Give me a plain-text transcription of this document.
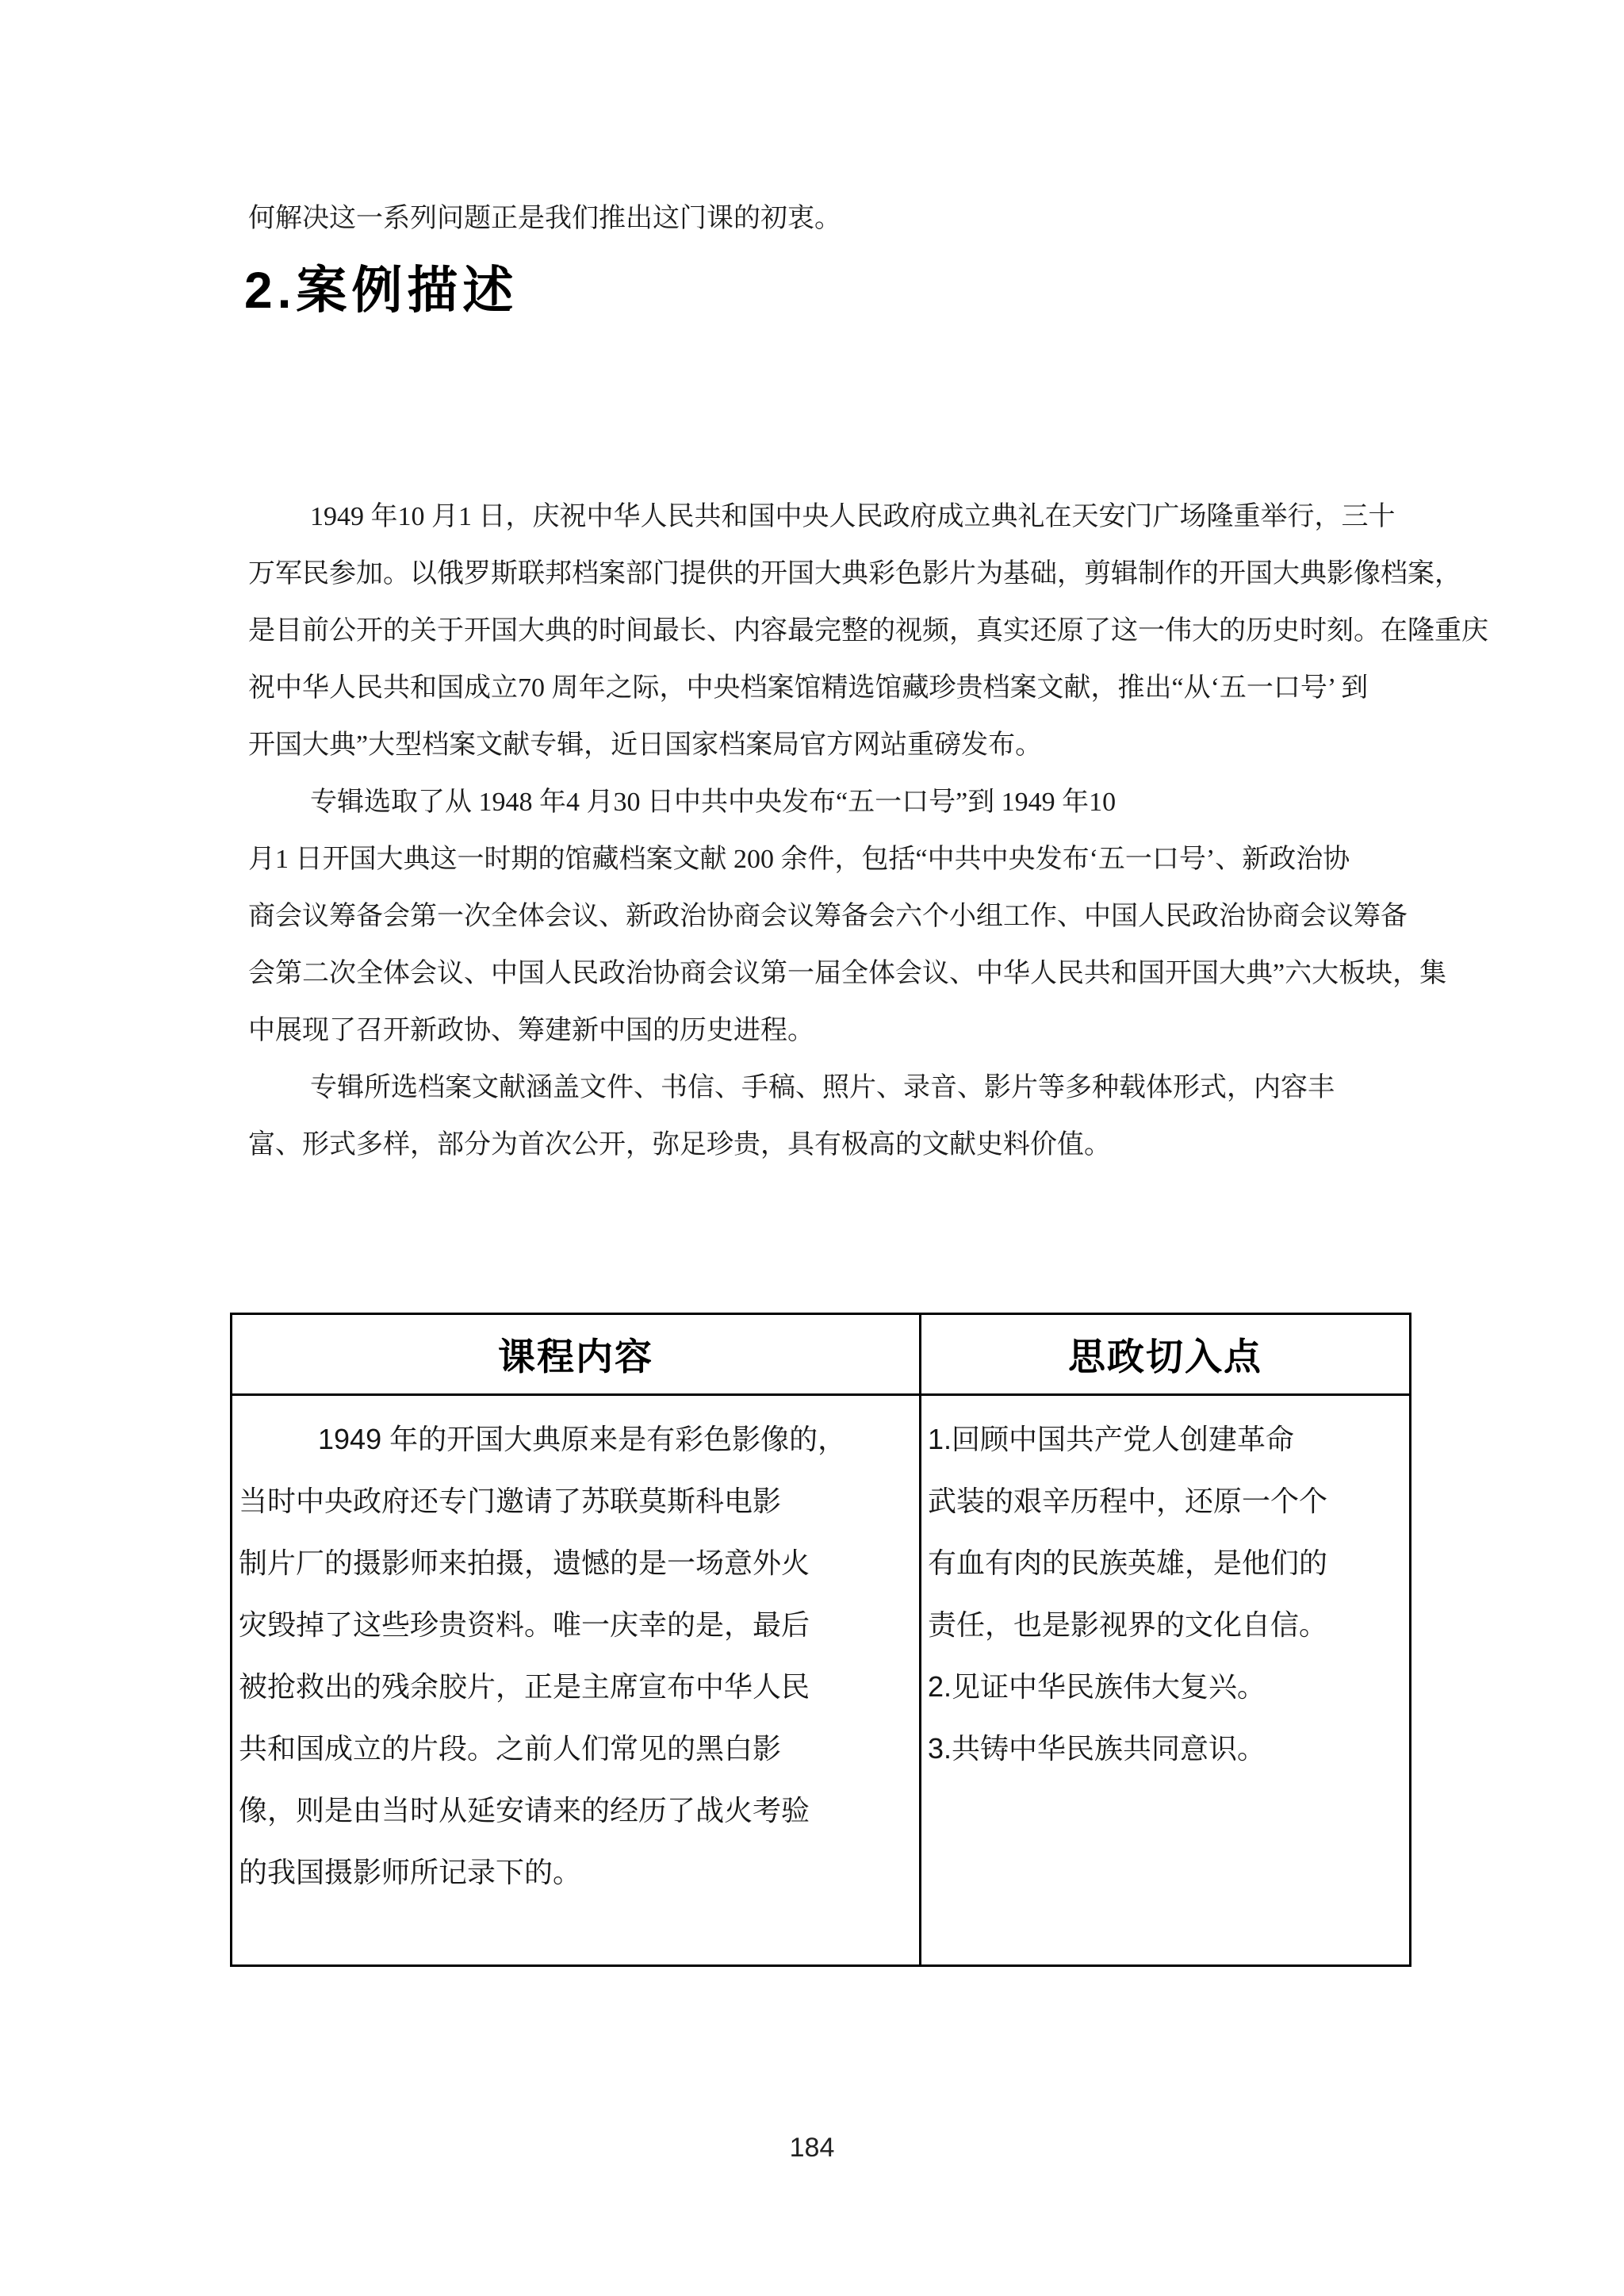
何解决这一系列问题正是我们推出这门课的初衷。
2.案例描述
1949 年10 月1 日，庆祝中华人民共和国中央人民政府成立典礼在天安门广场隆重举行，三十
万军民参加。以俄罗斯联邦档案部门提供的开国大典彩色影片为基础，剪辑制作的开国大典影像档案，
是目前公开的关于开国大典的时间最长、内容最完整的视频，真实还原了这一伟大的历史时刻。在隆重庆
祝中华人民共和国成立70 周年之际，中央档案馆精选馆藏珍贵档案文献，推出“从‘五一口号’ 到
开国大典”大型档案文献专辑，近日国家档案局官方网站重磅发布。
专辑选取了从 1948 年4 月30 日中共中央发布“五一口号”到 1949 年10
月1 日开国大典这一时期的馆藏档案文献 200 余件，包括“中共中央发布‘五一口号’、新政治协
商会议筹备会第一次全体会议、新政治协商会议筹备会六个小组工作、中国人民政治协商会议筹备
会第二次全体会议、中国人民政治协商会议第一届全体会议、中华人民共和国开国大典”六大板块，集
中展现了召开新政协、筹建新中国的历史进程。
专辑所选档案文献涵盖文件、书信、手稿、照片、录音、影片等多种载体形式，内容丰
富、形式多样，部分为首次公开，弥足珍贵，具有极高的文献史料价值。
课程内容	思政切入点
1949 年的开国大典原来是有彩色影像的，
当时中央政府还专门邀请了苏联莫斯科电影
制片厂的摄影师来拍摄，遗憾的是一场意外火
灾毁掉了这些珍贵资料。唯一庆幸的是，最后
被抢救出的残余胶片，正是主席宣布中华人民
共和国成立的片段。之前人们常见的黑白影
像，则是由当时从延安请来的经历了战火考验
的我国摄影师所记录下的。
1.回顾中国共产党人创建革命
武装的艰辛历程中，还原一个个
有血有肉的民族英雄，是他们的
责任，也是影视界的文化自信。
2.见证中华民族伟大复兴。
3.共铸中华民族共同意识。
184
